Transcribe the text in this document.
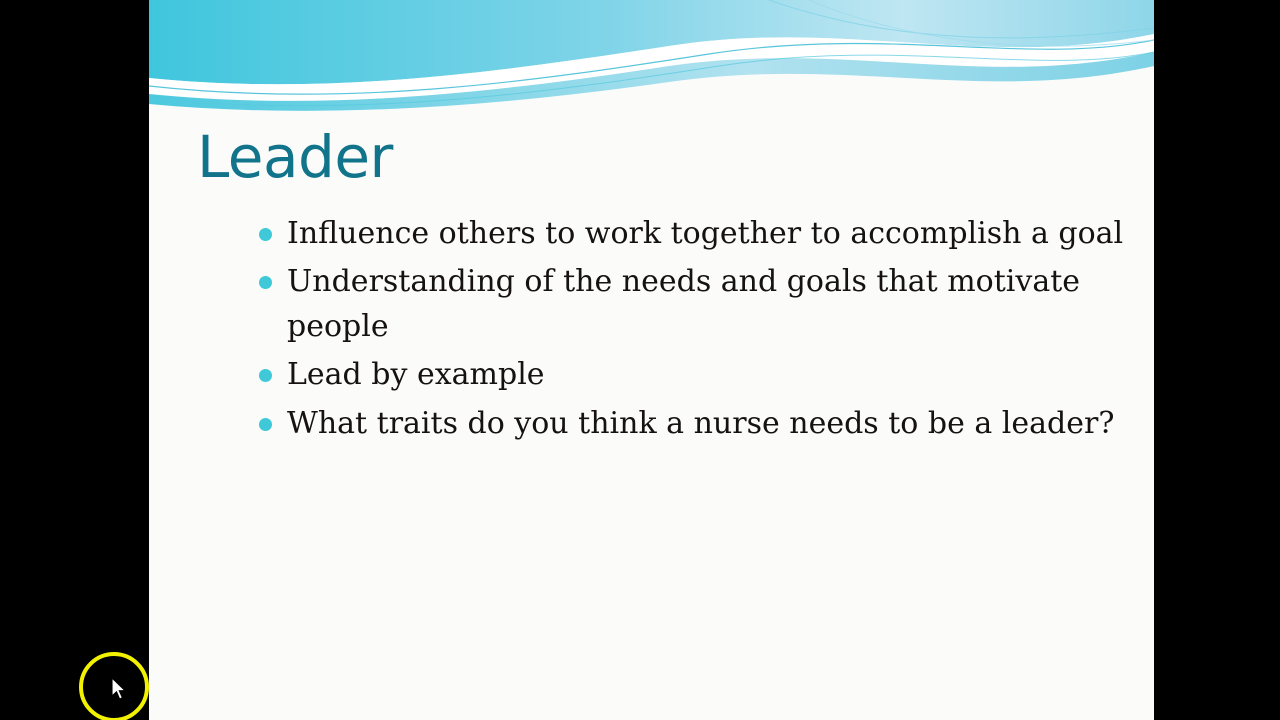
Leader
Influence others to work together to accomplish a goal
Understanding of the needs and goals that motivate people
Lead by example
What traits do you think a nurse needs to be a leader?
